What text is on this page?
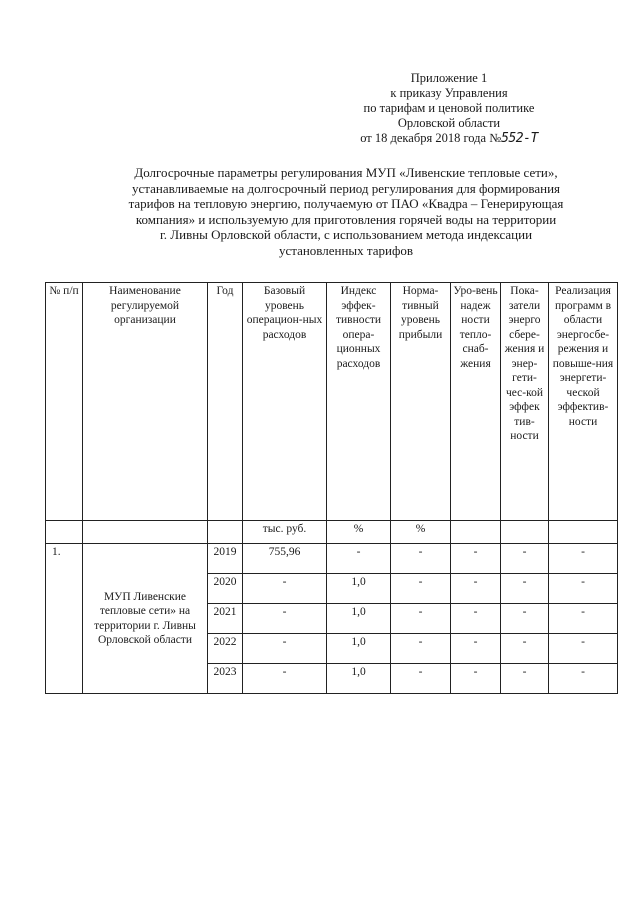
Приложение 1
к приказу Управления
по тарифам и ценовой политике
Орловской области
от 18 декабря 2018 года №552-Т
Долгосрочные параметры регулирования МУП «Ливенские тепловые сети»,
устанавливаемые на долгосрочный период регулирования для формирования
тарифов на тепловую энергию, получаемую от ПАО «Квадра – Генерирующая
компания» и используемую для приготовления горячей воды на территории
г. Ливны Орловской области, с использованием метода индексации
установленных тарифов
№ п/п	Наименование регулируемой организации	Год	Базовый уровень операцион-ных расходов	Индекс эффек-тивности опера-ционных расходов	Норма-тивный уровень прибыли	Уро-вень надеж ности тепло-снаб-жения	Пока-затели энерго сбере-жения и энер-гети-чес-кой эффек тив-ности	Реализация программ в области энергосбе-режения и повыше-ния энергети-ческой эффектив-ности
			тыс. руб.	%	%			
1.	МУП Ливенские тепловые сети» на территории г. Ливны Орловской области	2019	755,96	-	-	-	-	-
		2020	-	1,0	-	-	-	-
		2021	-	1,0	-	-	-	-
		2022	-	1,0	-	-	-	-
		2023	-	1,0	-	-	-	-
